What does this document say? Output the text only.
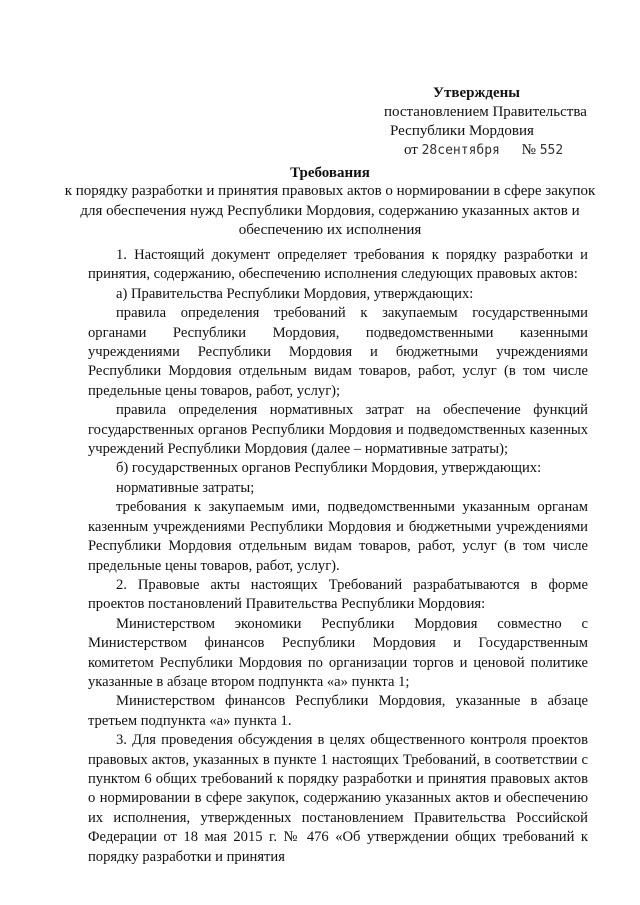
Утверждены
постановлением Правительства
Республики Мордовия
от 28сентября № 552
Требования
к порядку разработки и принятия правовых актов о нормировании в сфере закупок для обеспечения нужд Республики Мордовия, содержанию указанных актов и обеспечению их исполнения

1. Настоящий документ определяет требования к порядку разработки и принятия, содержанию, обеспечению исполнения следующих правовых актов:

а) Правительства Республики Мордовия, утверждающих:

правила определения требований к закупаемым государственными органами Республики Мордовия, подведомственными казенными учреждениями Республики Мордовия и бюджетными учреждениями Республики Мордовия отдельным видам товаров, работ, услуг (в том числе предельные цены товаров, работ, услуг);

правила определения нормативных затрат на обеспечение функций государственных органов Республики Мордовия и подведомственных казенных учреждений Республики Мордовия (далее – нормативные затраты);

б) государственных органов Республики Мордовия, утверждающих:

нормативные затраты;

требования к закупаемым ими, подведомственными указанным органам казенным учреждениями Республики Мордовия и бюджетными учреждениями Республики Мордовия отдельным видам товаров, работ, услуг (в том числе предельные цены товаров, работ, услуг).

2. Правовые акты настоящих Требований разрабатываются в форме проектов постановлений Правительства Республики Мордовия:

Министерством экономики Республики Мордовия совместно с Министерством финансов Республики Мордовия и Государственным комитетом Республики Мордовия по организации торгов и ценовой политике указанные в абзаце втором подпункта «а» пункта 1;

Министерством финансов Республики Мордовия, указанные в абзаце третьем подпункта «а» пункта 1.

3. Для проведения обсуждения в целях общественного контроля проектов правовых актов, указанных в пункте 1 настоящих Требований, в соответствии с пунктом 6 общих требований к порядку разработки и принятия правовых актов о нормировании в сфере закупок, содержанию указанных актов и обеспечению их исполнения, утвержденных постановлением Правительства Российской Федерации от 18 мая 2015 г. № 476 «Об утверждении общих требований к порядку разработки и принятия
